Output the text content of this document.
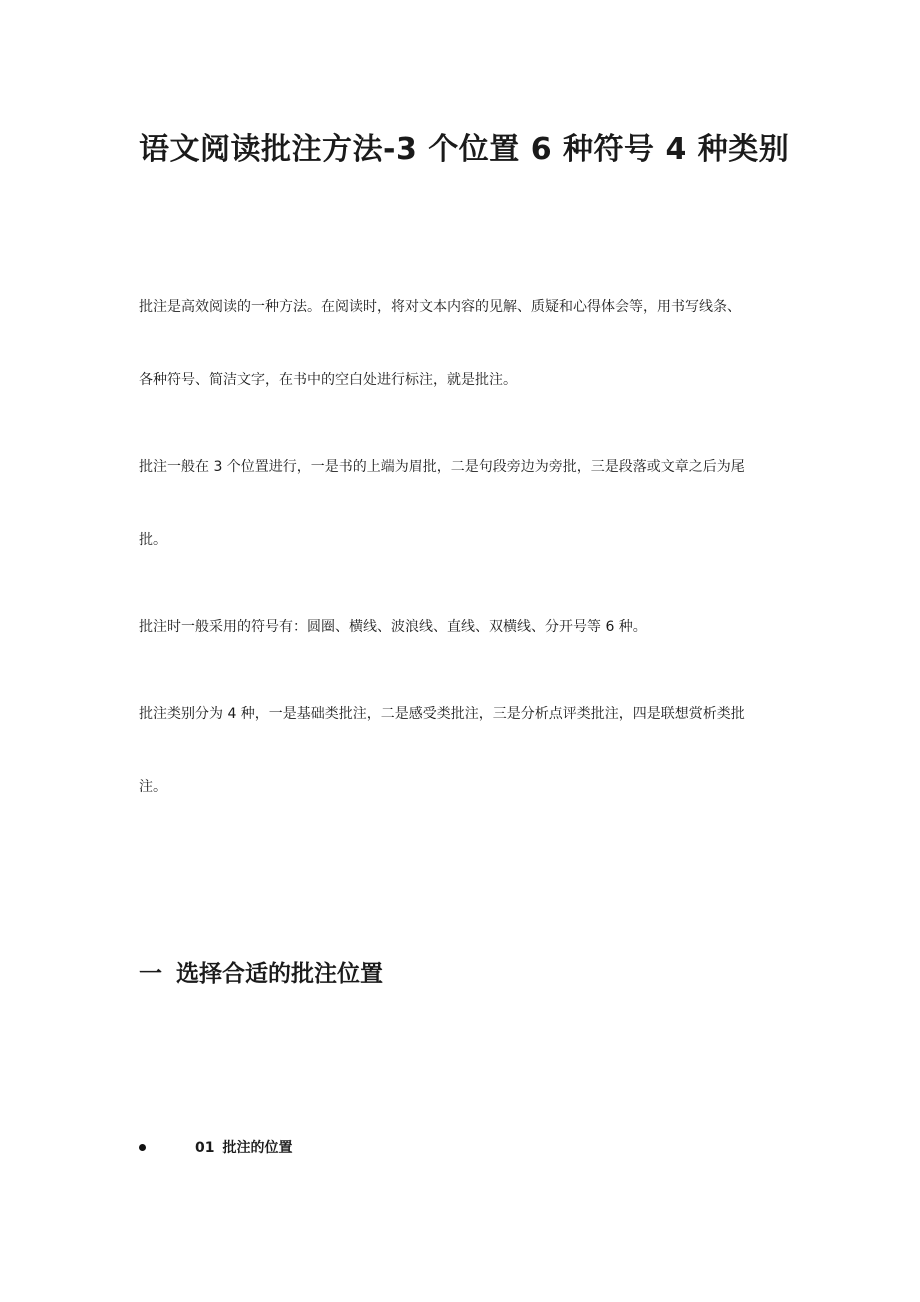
语文阅读批注方法-3 个位置 6 种符号 4 种类别

批注是高效阅读的一种方法。在阅读时，将对文本内容的见解、质疑和心得体会等，用书写线条、

各种符号、简洁文字，在书中的空白处进行标注，就是批注。

批注一般在 3 个位置进行，一是书的上端为眉批，二是句段旁边为旁批，三是段落或文章之后为尾

批。

批注时一般采用的符号有：圆圈、横线、波浪线、直线、双横线、分开号等 6 种。

批注类别分为 4 种，一是基础类批注，二是感受类批注，三是分析点评类批注，四是联想赏析类批

注。

一 选择合适的批注位置
01 批注的位置
